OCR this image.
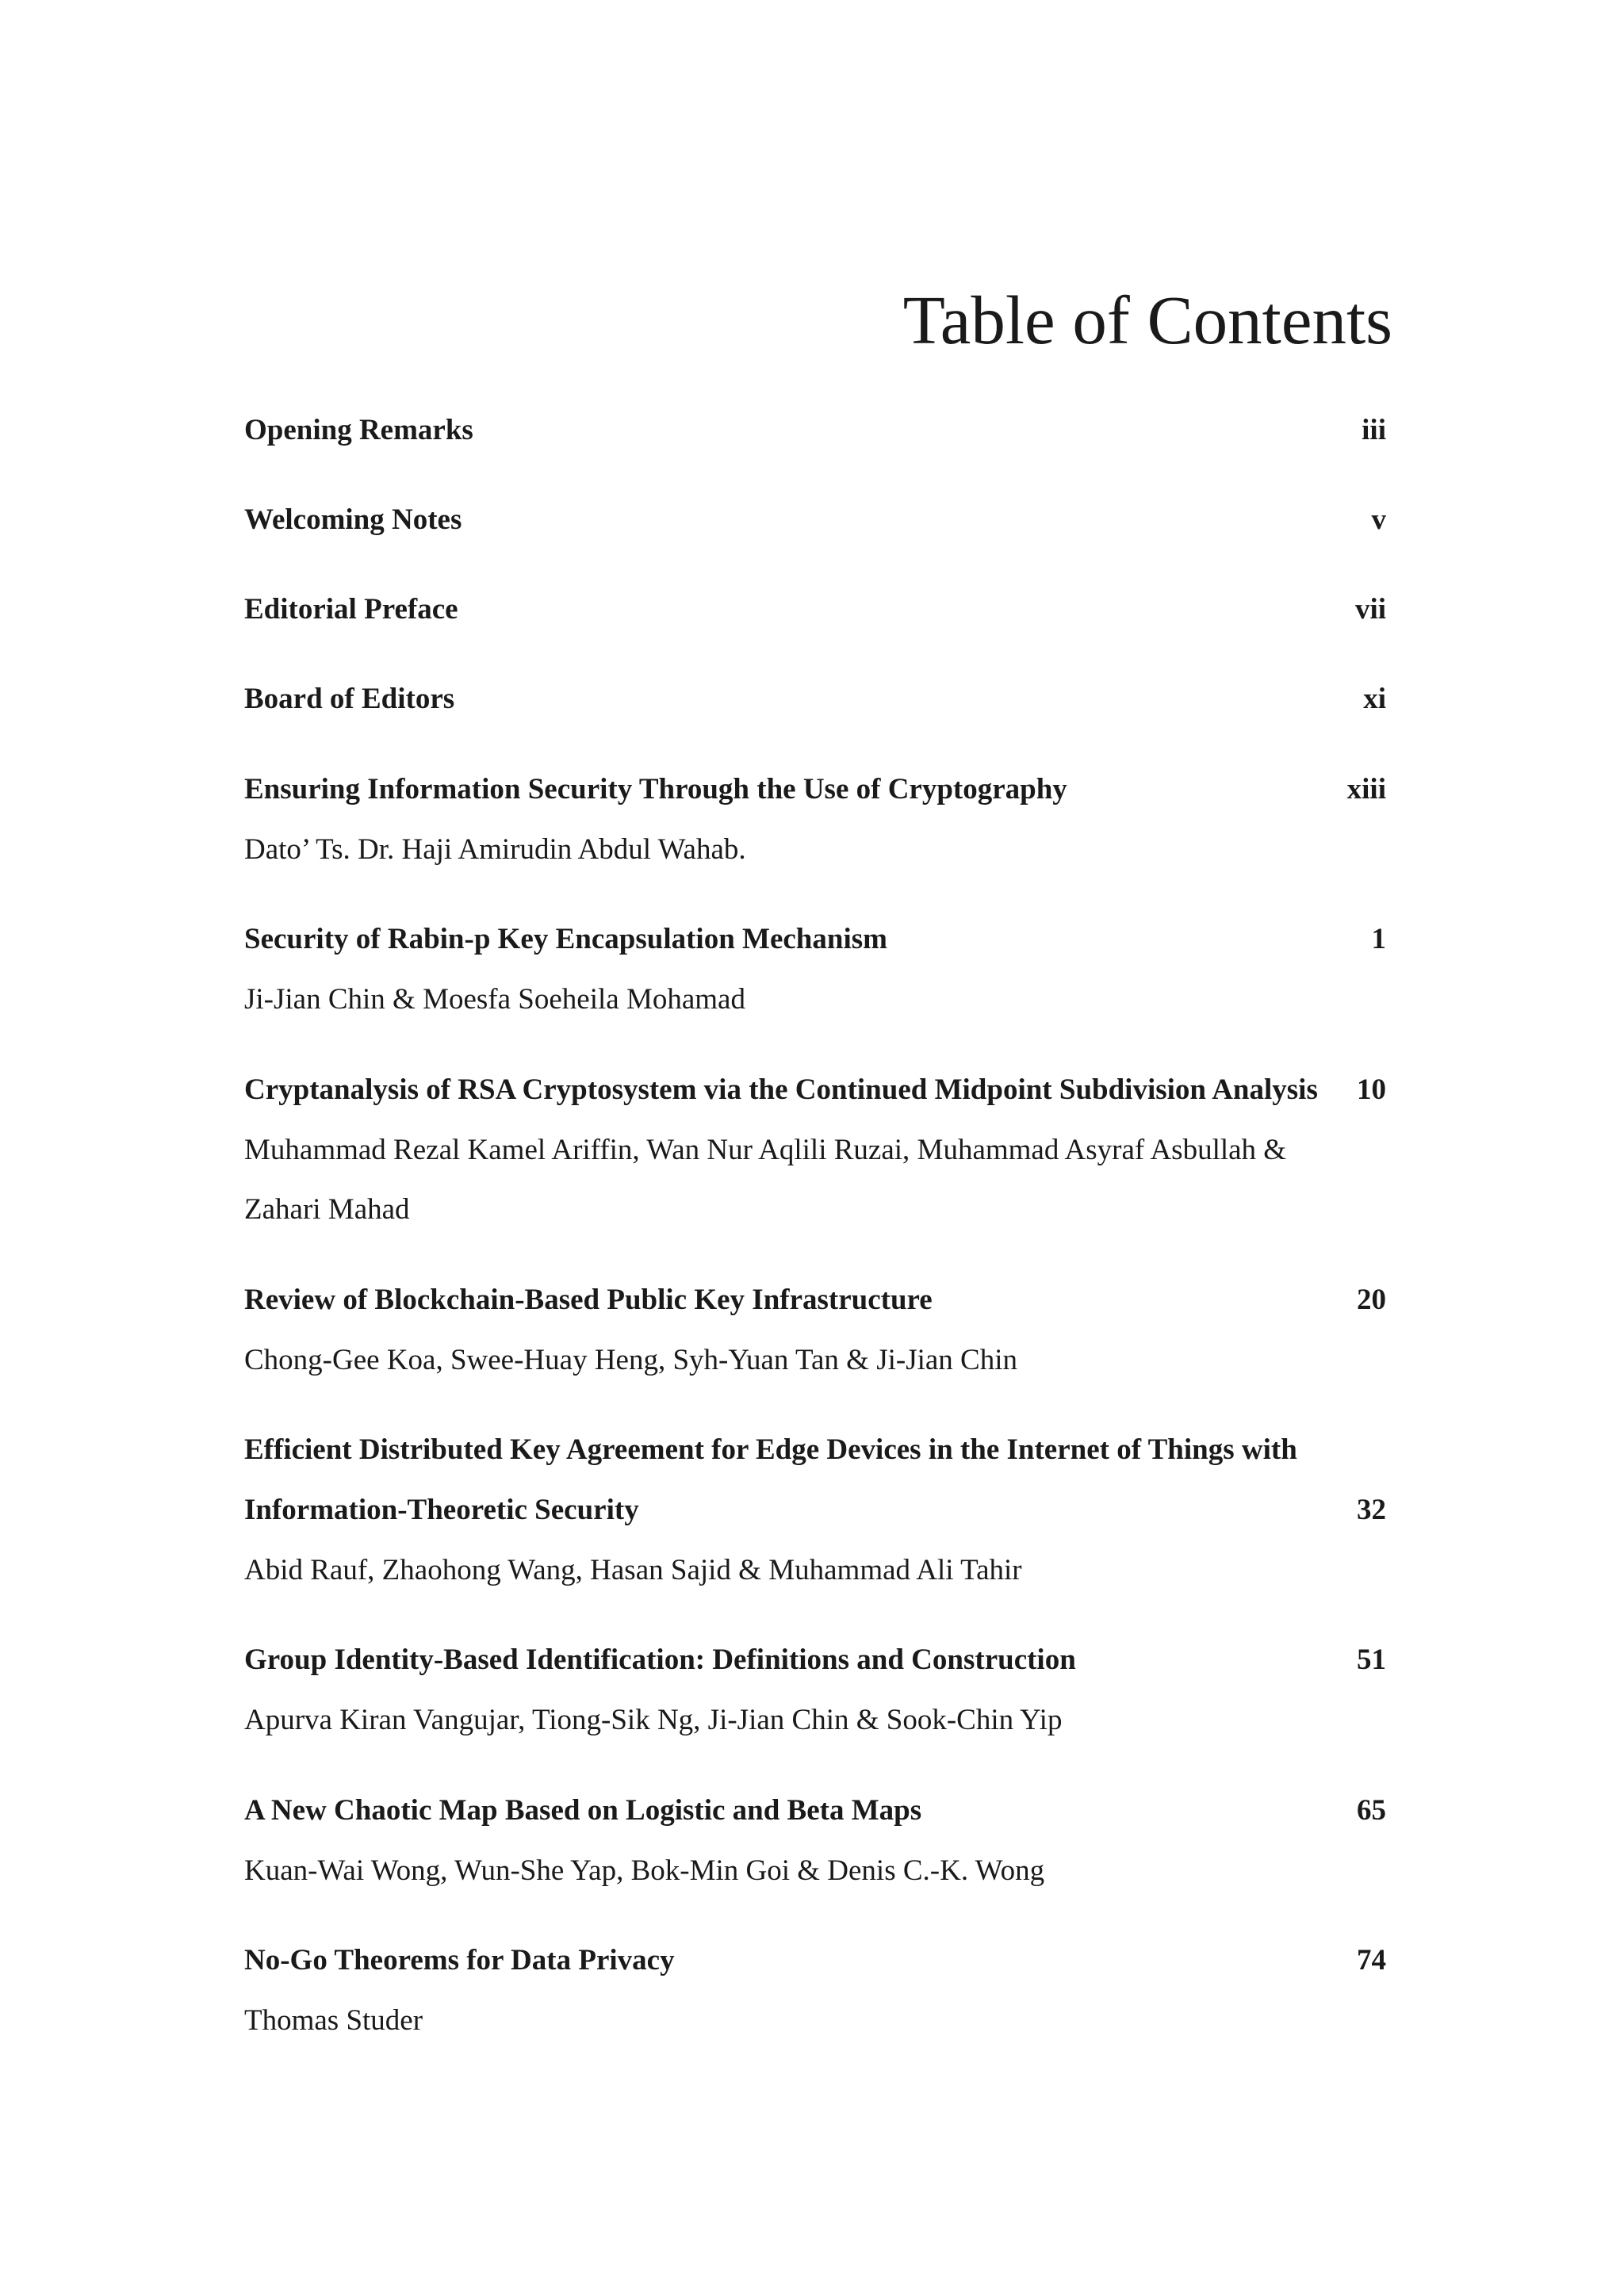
Table of Contents
Opening Remarks	iii
Welcoming Notes	v
Editorial Preface	vii
Board of Editors	xi
Ensuring Information Security Through the Use of Cryptography	xiii
Dato’ Ts. Dr. Haji Amirudin Abdul Wahab.
Security of Rabin-p Key Encapsulation Mechanism	1
Ji-Jian Chin & Moesfa Soeheila Mohamad
Cryptanalysis of RSA Cryptosystem via the Continued Midpoint Subdivision Analysis 10
Muhammad Rezal Kamel Ariffin, Wan Nur Aqlili Ruzai, Muhammad Asyraf Asbullah &
Zahari Mahad
Review of Blockchain-Based Public Key Infrastructure	20
Chong-Gee Koa, Swee-Huay Heng, Syh-Yuan Tan & Ji-Jian Chin
Efficient Distributed Key Agreement for Edge Devices in the Internet of Things with
Information-Theoretic Security	32
Abid Rauf, Zhaohong Wang, Hasan Sajid & Muhammad Ali Tahir
Group Identity-Based Identification: Definitions and Construction	51
Apurva Kiran Vangujar, Tiong-Sik Ng, Ji-Jian Chin & Sook-Chin Yip
A New Chaotic Map Based on Logistic and Beta Maps	65
Kuan-Wai Wong, Wun-She Yap, Bok-Min Goi & Denis C.-K. Wong
No-Go Theorems for Data Privacy	74
Thomas Studer
